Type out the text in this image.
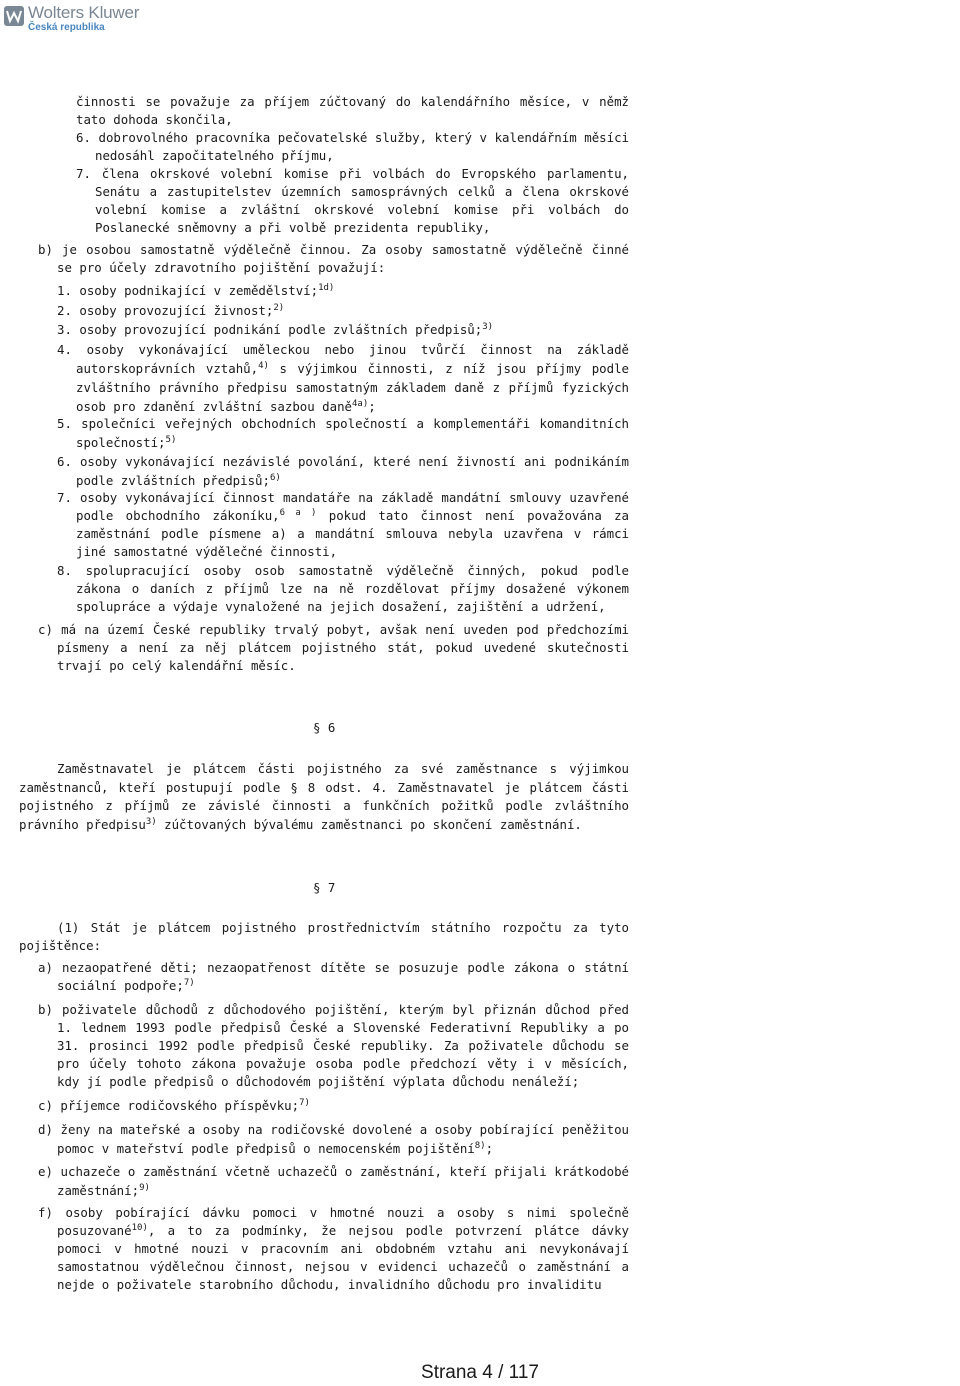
Wolters Kluwer
Česká republika
činnosti se považuje za příjem zúčtovaný do kalendářního měsíce, v němž tato dohoda skončila,
6. dobrovolného pracovníka pečovatelské služby, který v kalendářním měsíci nedosáhl započitatelného příjmu,
7. člena okrskové volební komise při volbách do Evropského parlamentu, Senátu a zastupitelstev územních samosprávných celků a člena okrskové volební komise a zvláštní okrskové volební komise při volbách do Poslanecké sněmovny a při volbě prezidenta republiky,
b) je osobou samostatně výdělečně činnou. Za osoby samostatně výdělečně činné se pro účely zdravotního pojištění považují:
1. osoby podnikající v zemědělství;$^{1d)}$
2. osoby provozující živnost;$^{2)}$
3. osoby provozující podnikání podle zvláštních předpisů;$^{3)}$
4. osoby vykonávající uměleckou nebo jinou tvůrčí činnost na základě autorskoprávních vztahů,$^{4)}$ s výjimkou činnosti, z níž jsou příjmy podle zvláštního právního předpisu samostatným základem daně z příjmů fyzických osob pro zdanění zvláštní sazbou daně$^{4a)}$;
5. společníci veřejných obchodních společností a komplementáři komanditních společností;$^{5)}$
6. osoby vykonávající nezávislé povolání, které není živností ani podnikáním podle zvláštních předpisů;$^{6)}$
7. osoby vykonávající činnost mandatáře na základě mandátní smlouvy uzavřené podle obchodního zákoníku,$^{6 a )}$ pokud tato činnost není považována za zaměstnání podle písmene a) a mandátní smlouva nebyla uzavřena v rámci jiné samostatné výdělečné činnosti,
8. spolupracující osoby osob samostatně výdělečně činných, pokud podle zákona o daních z příjmů lze na ně rozdělovat příjmy dosažené výkonem spolupráce a výdaje vynaložené na jejich dosažení, zajištění a udržení,
c) má na území České republiky trvalý pobyt, avšak není uveden pod předchozími písmeny a není za něj plátcem pojistného stát, pokud uvedené skutečnosti trvají po celý kalendářní měsíc.
§ 6
Zaměstnavatel je plátcem části pojistného za své zaměstnance s výjimkou zaměstnanců, kteří postupují podle § 8 odst. 4. Zaměstnavatel je plátcem části pojistného z příjmů ze závislé činnosti a funkčních požitků podle zvláštního právního předpisu$^{3)}$ zúčtovaných bývalému zaměstnanci po skončení zaměstnání.
§ 7
(1) Stát je plátcem pojistného prostřednictvím státního rozpočtu za tyto pojištěnce:
a) nezaopatřené děti; nezaopatřenost dítěte se posuzuje podle zákona o státní sociální podpoře;$^{7)}$
b) poživatele důchodů z důchodového pojištění, kterým byl přiznán důchod před 1. lednem 1993 podle předpisů České a Slovenské Federativní Republiky a po 31. prosinci 1992 podle předpisů České republiky. Za poživatele důchodu se pro účely tohoto zákona považuje osoba podle předchozí věty i v měsících, kdy jí podle předpisů o důchodovém pojištění výplata důchodu nenáleží;
c) příjemce rodičovského příspěvku;$^{7)}$
d) ženy na mateřské a osoby na rodičovské dovolené a osoby pobírající peněžitou pomoc v mateřství podle předpisů o nemocenském pojištění$^{8)}$;
e) uchazeče o zaměstnání včetně uchazečů o zaměstnání, kteří přijali krátkodobé zaměstnání;$^{9)}$
f) osoby pobírající dávku pomoci v hmotné nouzi a osoby s nimi společně posuzované$^{10)}$, a to za podmínky, že nejsou podle potvrzení plátce dávky pomoci v hmotné nouzi v pracovním ani obdobném vztahu ani nevykonávají samostatnou výdělečnou činnost, nejsou v evidenci uchazečů o zaměstnání a nejde o poživatele starobního důchodu, invalidního důchodu pro invaliditu
Strana 4 / 117
